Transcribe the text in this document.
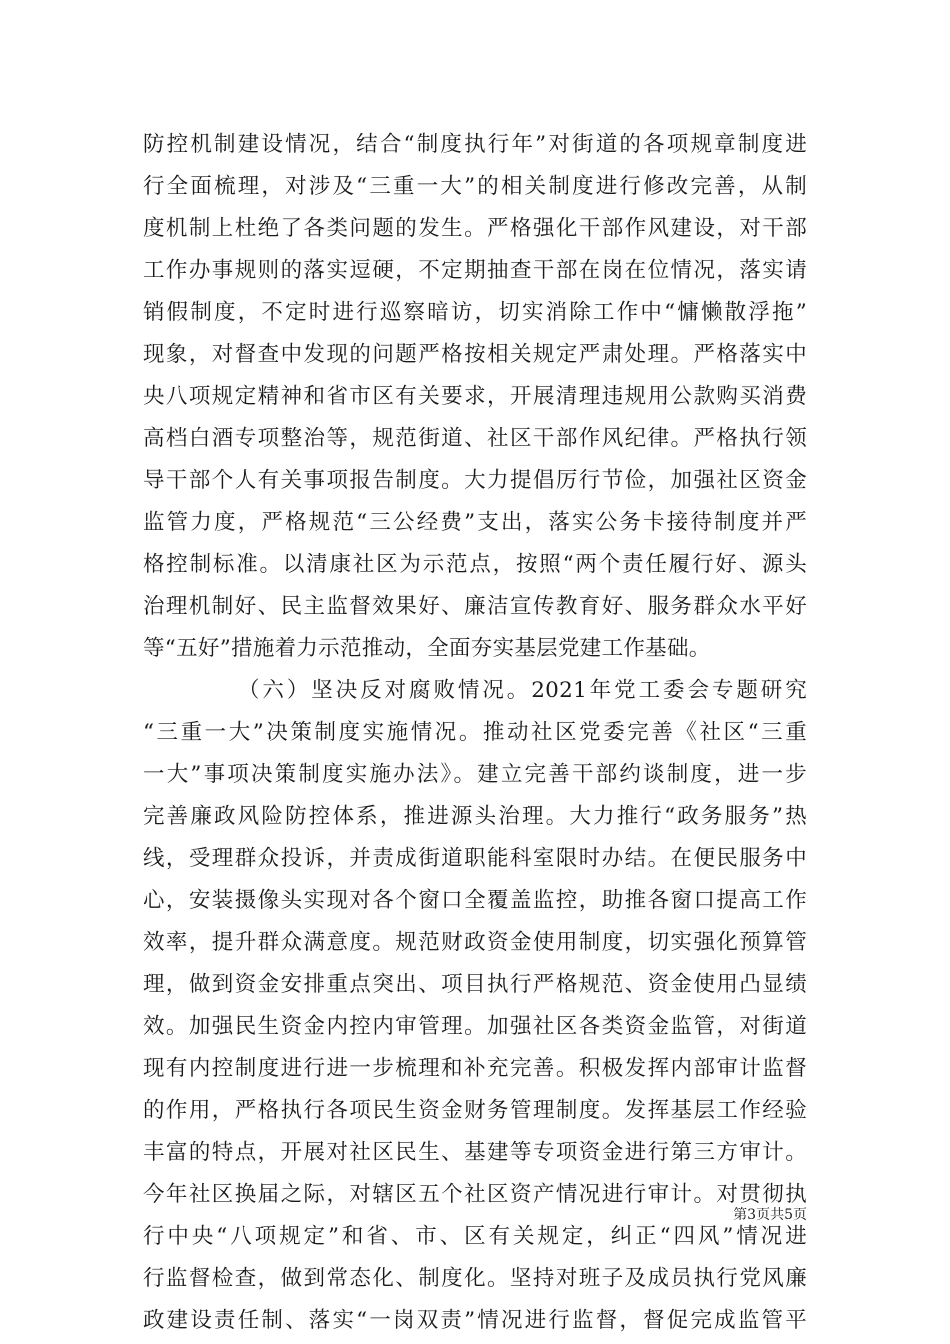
防控机制建设情况，结合“制度执行年”对街道的各项规章制度进
行全面梳理，对涉及“三重一大”的相关制度进行修改完善，从制
度机制上杜绝了各类问题的发生。严格强化干部作风建设，对干部
工作办事规则的落实逗硬，不定期抽查干部在岗在位情况，落实请
销假制度，不定时进行巡察暗访，切实消除工作中“慵懒散浮拖”
现象，对督查中发现的问题严格按相关规定严肃处理。严格落实中
央八项规定精神和省市区有关要求，开展清理违规用公款购买消费
高档白酒专项整治等，规范街道、社区干部作风纪律。严格执行领
导干部个人有关事项报告制度。大力提倡厉行节俭，加强社区资金
监管力度，严格规范“三公经费”支出，落实公务卡接待制度并严
格控制标准。以清康社区为示范点，按照“两个责任履行好、源头
治理机制好、民主监督效果好、廉洁宣传教育好、服务群众水平好
等“五好”措施着力示范推动，全面夯实基层党建工作基础。
（六）坚决反对腐败情况。2021年党工委会专题研究
“三重一大”决策制度实施情况。推动社区党委完善《社区“三重
一大”事项决策制度实施办法》。建立完善干部约谈制度，进一步
完善廉政风险防控体系，推进源头治理。大力推行“政务服务”热
线，受理群众投诉，并责成街道职能科室限时办结。在便民服务中
心，安装摄像头实现对各个窗口全覆盖监控，助推各窗口提高工作
效率，提升群众满意度。规范财政资金使用制度，切实强化预算管
理，做到资金安排重点突出、项目执行严格规范、资金使用凸显绩
效。加强民生资金内控内审管理。加强社区各类资金监管，对街道
现有内控制度进行进一步梳理和补充完善。积极发挥内部审计监督
的作用，严格执行各项民生资金财务管理制度。发挥基层工作经验
丰富的特点，开展对社区民生、基建等专项资金进行第三方审计。
今年社区换届之际，对辖区五个社区资产情况进行审计。对贯彻执
行中央“八项规定”和省、市、区有关规定，纠正“四风”情况进
行监督检查，做到常态化、制度化。坚持对班子及成员执行党风廉
政建设责任制、落实“一岗双责”情况进行监督，督促完成监管平
第3页共5页
